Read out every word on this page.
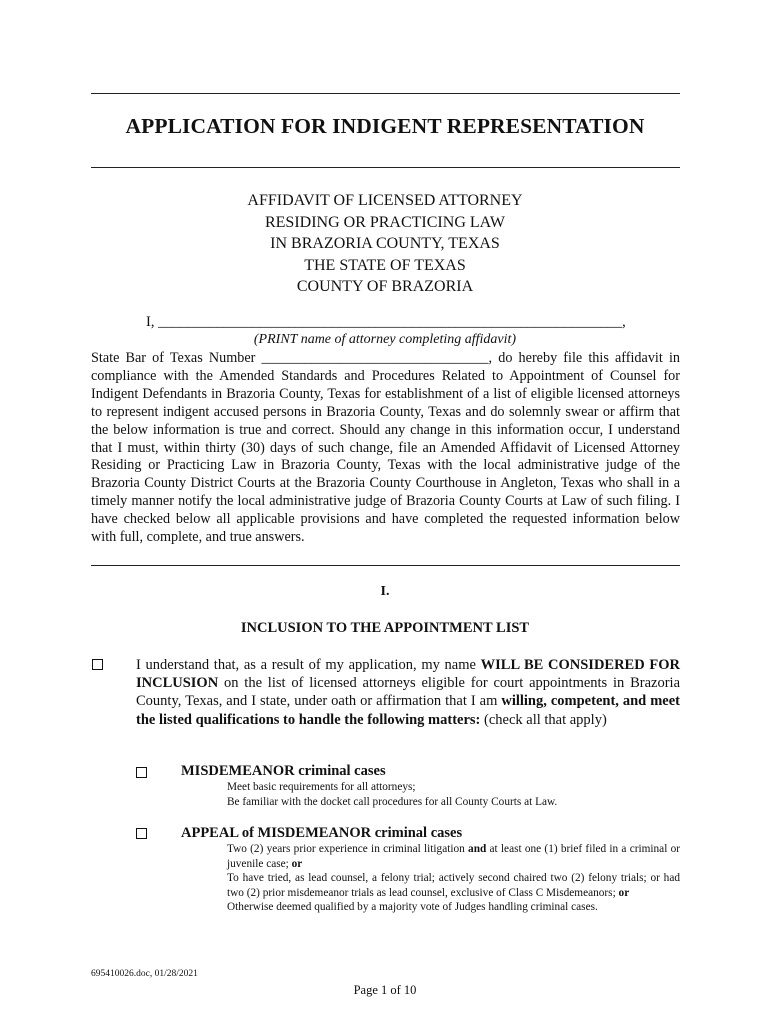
APPLICATION FOR INDIGENT REPRESENTATION
AFFIDAVIT OF LICENSED ATTORNEY
RESIDING OR PRACTICING LAW
IN BRAZORIA COUNTY, TEXAS
THE STATE OF TEXAS
COUNTY OF BRAZORIA
I, ________________________________________________________________,
(PRINT name of attorney completing affidavit)
State Bar of Texas Number ________________________________, do hereby file this affidavit in compliance with the Amended Standards and Procedures Related to Appointment of Counsel for Indigent Defendants in Brazoria County, Texas for establishment of a list of eligible licensed attorneys to represent indigent accused persons in Brazoria County, Texas and do solemnly swear or affirm that the below information is true and correct. Should any change in this information occur, I understand that I must, within thirty (30) days of such change, file an Amended Affidavit of Licensed Attorney Residing or Practicing Law in Brazoria County, Texas with the local administrative judge of the Brazoria County District Courts at the Brazoria County Courthouse in Angleton, Texas who shall in a timely manner notify the local administrative judge of Brazoria County Courts at Law of such filing. I have checked below all applicable provisions and have completed the requested information below with full, complete, and true answers.
I.
INCLUSION TO THE APPOINTMENT LIST
I understand that, as a result of my application, my name WILL BE CONSIDERED FOR INCLUSION on the list of licensed attorneys eligible for court appointments in Brazoria County, Texas, and I state, under oath or affirmation that I am willing, competent, and meet the listed qualifications to handle the following matters: (check all that apply)
MISDEMEANOR criminal cases
Meet basic requirements for all attorneys;
Be familiar with the docket call procedures for all County Courts at Law.
APPEAL of MISDEMEANOR criminal cases
Two (2) years prior experience in criminal litigation and at least one (1) brief filed in a criminal or juvenile case; or
To have tried, as lead counsel, a felony trial; actively second chaired two (2) felony trials; or had two (2) prior misdemeanor trials as lead counsel, exclusive of Class C Misdemeanors; or
Otherwise deemed qualified by a majority vote of Judges handling criminal cases.
695410026.doc, 01/28/2021
Page 1 of 10
